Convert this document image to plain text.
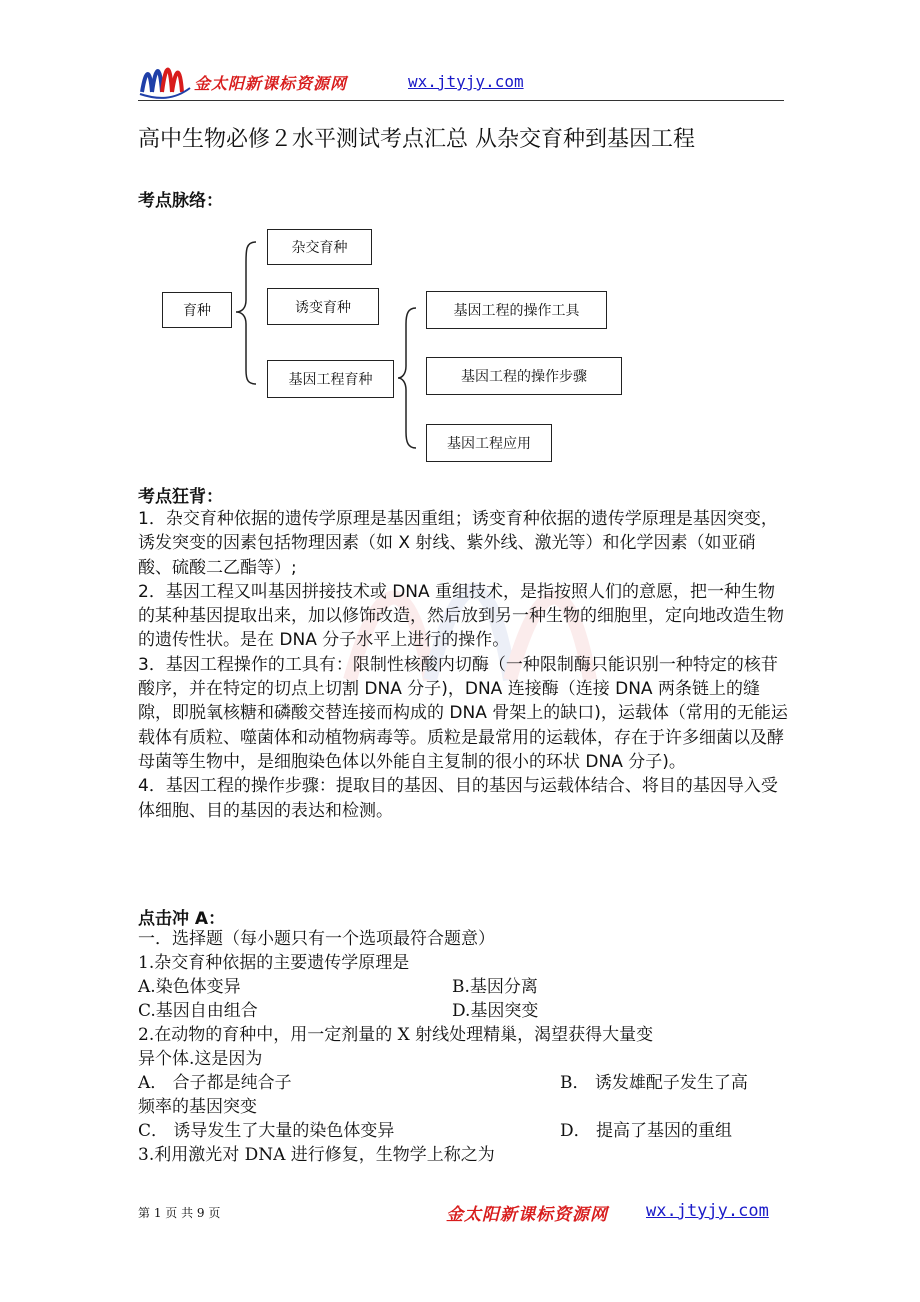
金太阳新课标资源网	wx.jtyjy.com
高中生物必修２水平测试考点汇总 从杂交育种到基因工程
考点脉络：
育种
杂交育种
诱变育种
基因工程育种
基因工程的操作工具
基因工程的操作步骤
基因工程应用
考点狂背：

1．杂交育种依据的遗传学原理是基因重组；诱变育种依据的遗传学原理是基因突变，诱发突变的因素包括物理因素（如 X 射线、紫外线、激光等）和化学因素（如亚硝酸、硫酸二乙酯等）;

2．基因工程又叫基因拼接技术或 DNA 重组技术，是指按照人们的意愿，把一种生物的某种基因提取出来，加以修饰改造，然后放到另一种生物的细胞里，定向地改造生物的遗传性状。是在 DNA 分子水平上进行的操作。

3．基因工程操作的工具有：限制性核酸内切酶（一种限制酶只能识别一种特定的核苷酸序，并在特定的切点上切割 DNA 分子)，DNA 连接酶（连接 DNA 两条链上的缝隙，即脱氧核糖和磷酸交替连接而构成的 DNA 骨架上的缺口)，运载体（常用的无能运载体有质粒、噬菌体和动植物病毒等。质粒是最常用的运载体，存在于许多细菌以及酵母菌等生物中，是细胞染色体以外能自主复制的很小的环状 DNA 分子)。

4．基因工程的操作步骤：提取目的基因、目的基因与运载体结合、将目的基因导入受体细胞、目的基因的表达和检测。

点击冲 A：
一．选择题（每小题只有一个选项最符合题意）
1.杂交育种依据的主要遗传学原理是
A.染色体变异	B.基因分离
C.基因自由组合	D.基因突变
2.在动物的育种中，用一定剂量的 X 射线处理精巢，渴望获得大量变
异个体.这是因为
A． 合子都是纯合子	B． 诱发雄配子发生了高
频率的基因突变
C． 诱导发生了大量的染色体变异	D． 提高了基因的重组
3.利用激光对 DNA 进行修复，生物学上称之为
第 1 页 共 9 页	金太阳新课标资源网 wx.jtyjy.com
